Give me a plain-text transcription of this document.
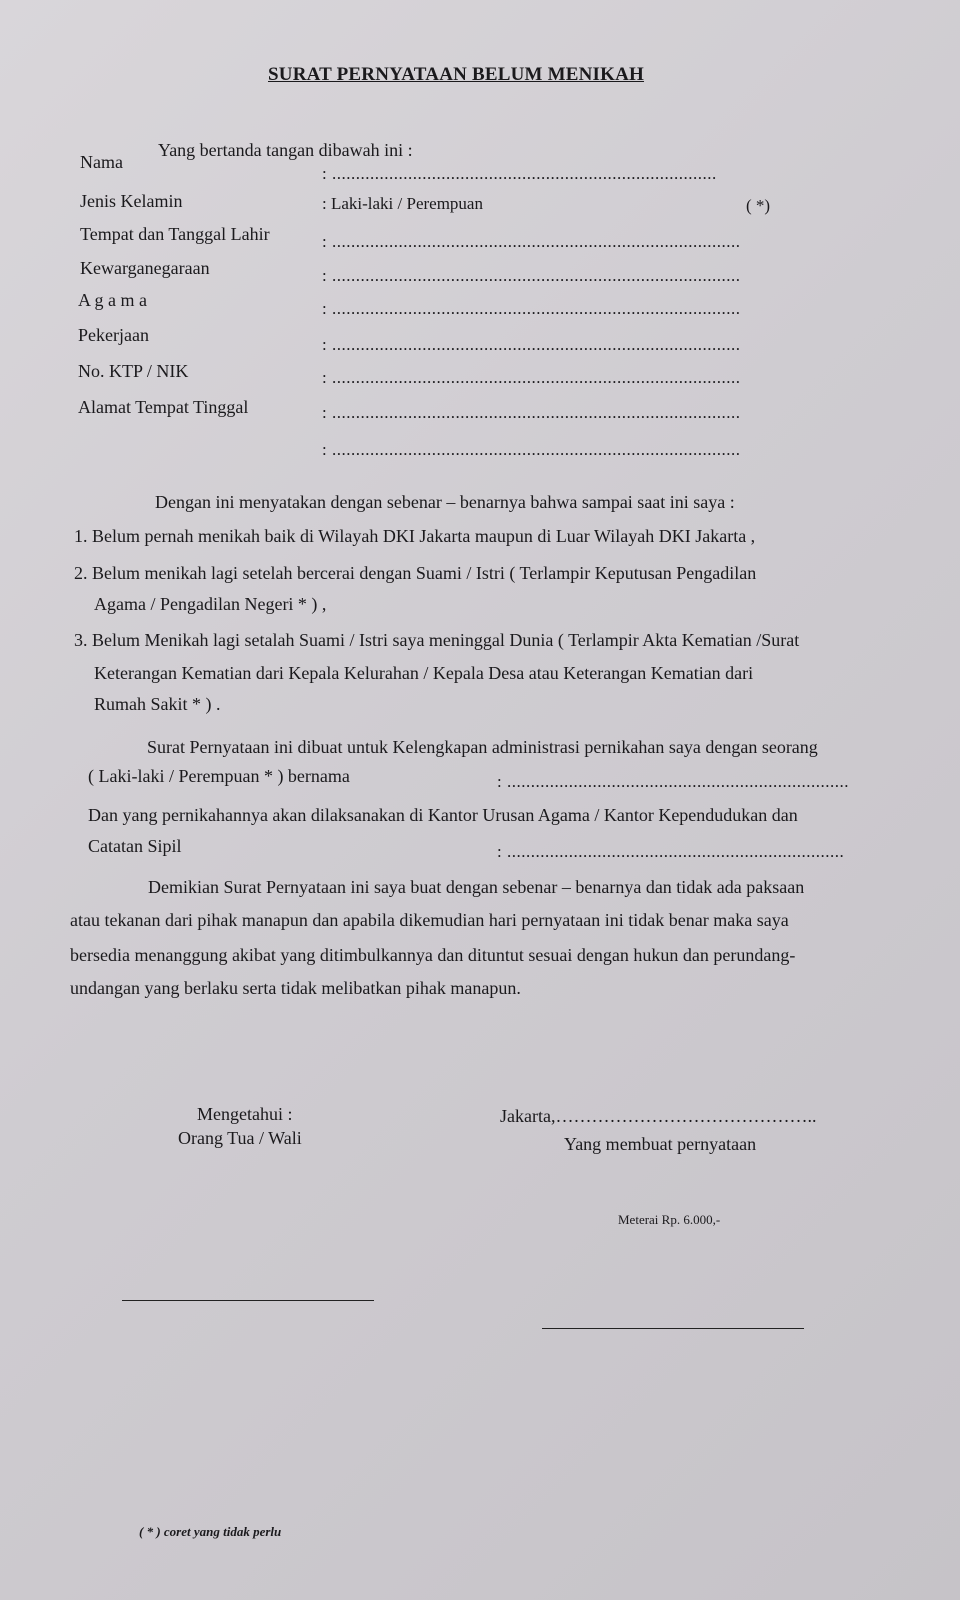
SURAT PERNYATAAN BELUM MENIKAH
Yang bertanda tangan dibawah ini :
Nama
: .................................................................................
Jenis Kelamin	: Laki-laki / Perempuan	( *)
Tempat dan Tanggal Lahir	: ......................................................................................
Kewarganegaraan	: ......................................................................................
A g a m a	: ......................................................................................
Pekerjaan	: ......................................................................................
No. KTP / NIK	: ......................................................................................
Alamat Tempat Tinggal	: ......................................................................................
: ......................................................................................
Dengan ini menyatakan dengan sebenar – benarnya bahwa sampai saat ini saya :
1. Belum pernah menikah baik di Wilayah DKI Jakarta maupun di Luar Wilayah DKI Jakarta ,
2. Belum menikah lagi setelah bercerai dengan Suami / Istri ( Terlampir Keputusan Pengadilan
Agama / Pengadilan Negeri * ) ,
3. Belum Menikah lagi setalah Suami / Istri saya meninggal Dunia ( Terlampir Akta Kematian /Surat
Keterangan Kematian dari Kepala Kelurahan / Kepala Desa atau Keterangan Kematian dari
Rumah Sakit * ) .
Surat Pernyataan ini dibuat untuk Kelengkapan administrasi pernikahan saya dengan seorang
( Laki-laki / Perempuan * ) bernama	: ........................................................................
Dan yang pernikahannya akan dilaksanakan di Kantor Urusan Agama / Kantor Kependudukan dan
Catatan Sipil	: .......................................................................
Demikian Surat Pernyataan ini saya buat dengan sebenar – benarnya dan tidak ada paksaan
atau tekanan dari pihak manapun dan apabila dikemudian hari pernyataan ini tidak benar maka saya
bersedia menanggung akibat yang ditimbulkannya dan dituntut sesuai dengan hukun dan perundang-
undangan yang berlaku serta tidak melibatkan pihak manapun.
Mengetahui :
Orang Tua / Wali
Jakarta,……………………………………..
Yang membuat pernyataan
Meterai Rp. 6.000,-
( * ) coret yang tidak perlu
